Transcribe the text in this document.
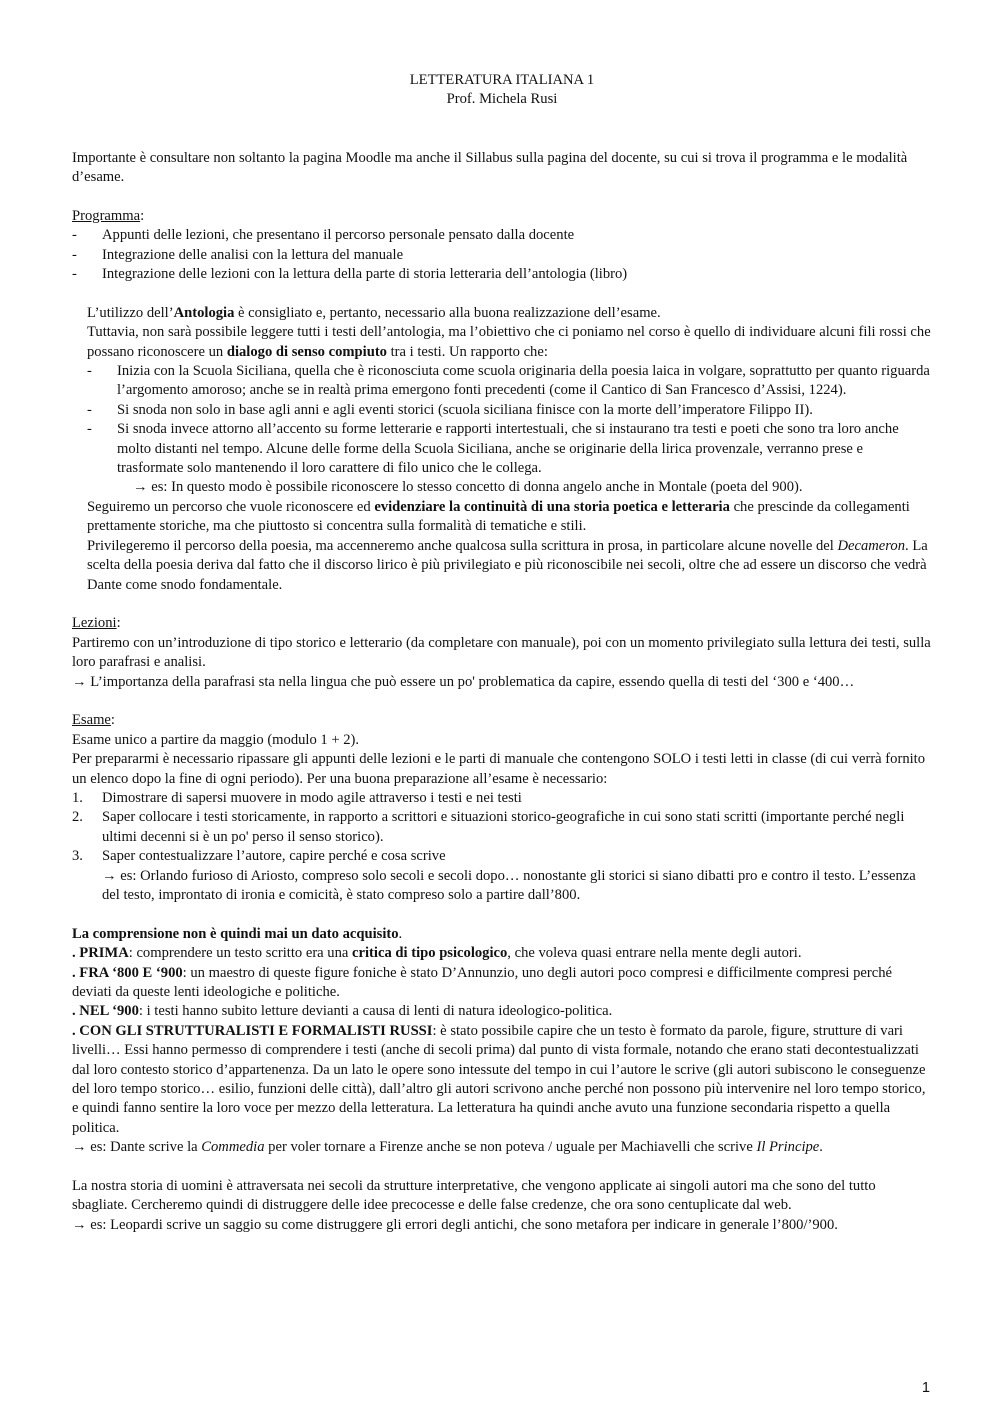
LETTERATURA ITALIANA 1

Prof. Michela Rusi

Importante è consultare non soltanto la pagina Moodle ma anche il Sillabus sulla pagina del docente, su cui si trova il programma e le modalità d’esame.

Programma:

- Appunti delle lezioni, che presentano il percorso personale pensato dalla docente
- Integrazione delle analisi con la lettura del manuale
- Integrazione delle lezioni con la lettura della parte di storia letteraria dell’antologia (libro)

L’utilizzo dell’Antologia è consigliato e, pertanto, necessario alla buona realizzazione dell’esame.

Tuttavia, non sarà possibile leggere tutti i testi dell’antologia, ma l’obiettivo che ci poniamo nel corso è quello di individuare alcuni fili rossi che possano riconoscere un dialogo di senso compiuto tra i testi. Un rapporto che:

- Inizia con la Scuola Siciliana, quella che è riconosciuta come scuola originaria della poesia laica in volgare, soprattutto per quanto riguarda l’argomento amoroso; anche se in realtà prima emergono fonti precedenti (come il Cantico di San Francesco d’Assisi, 1224).
- Si snoda non solo in base agli anni e agli eventi storici (scuola siciliana finisce con la morte dell’imperatore Filippo II).
- Si snoda invece attorno all’accento su forme letterarie e rapporti intertestuali, che si instaurano tra testi e poeti che sono tra loro anche molto distanti nel tempo. Alcune delle forme della Scuola Siciliana, anche se originarie della lirica provenzale, verranno prese e trasformate solo mantenendo il loro carattere di filo unico che le collega.

→ es: In questo modo è possibile riconoscere lo stesso concetto di donna angelo anche in Montale (poeta del 900).

Seguiremo un percorso che vuole riconoscere ed evidenziare la continuità di una storia poetica e letteraria che prescinde da collegamenti prettamente storiche, ma che piuttosto si concentra sulla formalità di tematiche e stili.

Privilegeremo il percorso della poesia, ma accenneremo anche qualcosa sulla scrittura in prosa, in particolare alcune novelle del Decameron. La scelta della poesia deriva dal fatto che il discorso lirico è più privilegiato e più riconoscibile nei secoli, oltre che ad essere un discorso che vedrà Dante come snodo fondamentale.

Lezioni:

Partiremo con un’introduzione di tipo storico e letterario (da completare con manuale), poi con un momento privilegiato sulla lettura dei testi, sulla loro parafrasi e analisi.

→ L’importanza della parafrasi sta nella lingua che può essere un po' problematica da capire, essendo quella di testi del ‘300 e ‘400…

Esame:

Esame unico a partire da maggio (modulo 1 + 2).

Per prepararmi è necessario ripassare gli appunti delle lezioni e le parti di manuale che contengono SOLO i testi letti in classe (di cui verrà fornito un elenco dopo la fine di ogni periodo). Per una buona preparazione all’esame è necessario:

1. Dimostrare di sapersi muovere in modo agile attraverso i testi e nei testi
2. Saper collocare i testi storicamente, in rapporto a scrittori e situazioni storico-geografiche in cui sono stati scritti (importante perché negli ultimi decenni si è un po' perso il senso storico).
3. Saper contestualizzare l’autore, capire perché e cosa scrive

→ es: Orlando furioso di Ariosto, compreso solo secoli e secoli dopo… nonostante gli storici si siano dibatti pro e contro il testo. L’essenza del testo, improntato di ironia e comicità, è stato compreso solo a partire dall’800.

La comprensione non è quindi mai un dato acquisito.

. PRIMA: comprendere un testo scritto era una critica di tipo psicologico, che voleva quasi entrare nella mente degli autori.

. FRA ‘800 E ‘900: un maestro di queste figure foniche è stato D’Annunzio, uno degli autori poco compresi e difficilmente compresi perché deviati da queste lenti ideologiche e politiche.

. NEL ‘900: i testi hanno subito letture devianti a causa di lenti di natura ideologico-politica.

. CON GLI STRUTTURALISTI E FORMALISTI RUSSI: è stato possibile capire che un testo è formato da parole, figure, strutture di vari livelli… Essi hanno permesso di comprendere i testi (anche di secoli prima) dal punto di vista formale, notando che erano stati decontestualizzati dal loro contesto storico d’appartenenza. Da un lato le opere sono intessute del tempo in cui l’autore le scrive (gli autori subiscono le conseguenze del loro tempo storico… esilio, funzioni delle città), dall’altro gli autori scrivono anche perché non possono più intervenire nel loro tempo storico, e quindi fanno sentire la loro voce per mezzo della letteratura. La letteratura ha quindi anche avuto una funzione secondaria rispetto a quella politica.

→ es: Dante scrive la Commedia per voler tornare a Firenze anche se non poteva / uguale per Machiavelli che scrive Il Principe.

La nostra storia di uomini è attraversata nei secoli da strutture interpretative, che vengono applicate ai singoli autori ma che sono del tutto sbagliate. Cercheremo quindi di distruggere delle idee precocesse e delle false credenze, che ora sono centuplicate dal web.

→ es: Leopardi scrive un saggio su come distruggere gli errori degli antichi, che sono metafora per indicare in generale l’800/’900.

1
